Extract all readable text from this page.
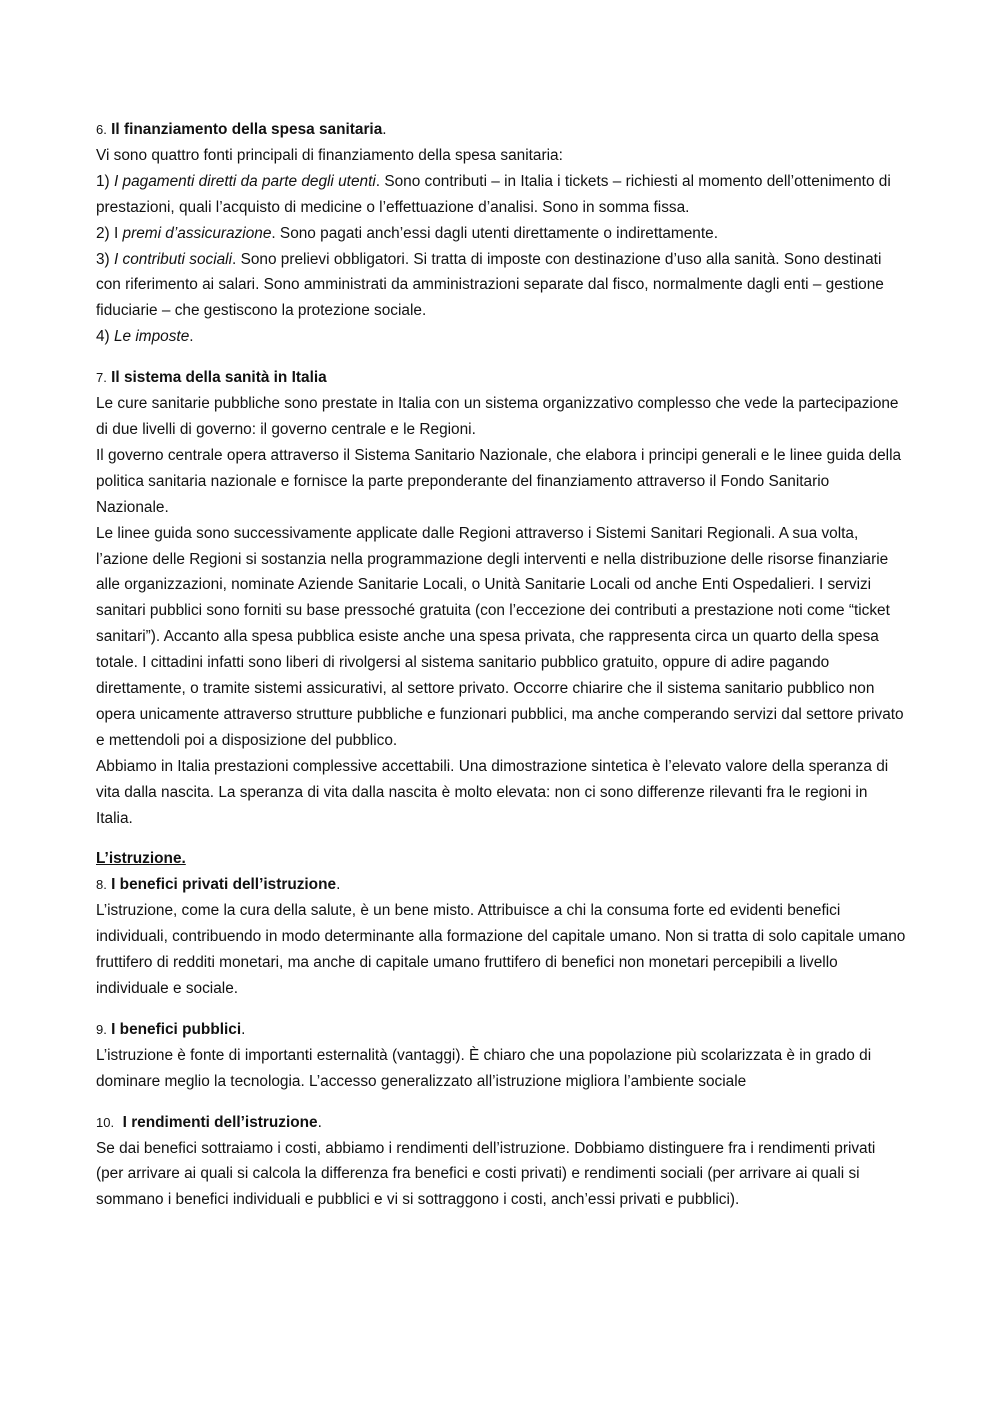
6. Il finanziamento della spesa sanitaria.

Vi sono quattro fonti principali di finanziamento della spesa sanitaria:

1) I pagamenti diretti da parte degli utenti. Sono contributi – in Italia i tickets – richiesti al momento dell’ottenimento di prestazioni, quali l’acquisto di medicine o l’effettuazione d’analisi. Sono in somma fissa.

2) I premi d’assicurazione. Sono pagati anch’essi dagli utenti direttamente o indirettamente.

3) I contributi sociali. Sono prelievi obbligatori. Si tratta di imposte con destinazione d’uso alla sanità. Sono destinati con riferimento ai salari. Sono amministrati da amministrazioni separate dal fisco, normalmente dagli enti – gestione fiduciarie – che gestiscono la protezione sociale.

4) Le imposte.

7. Il sistema della sanità in Italia

Le cure sanitarie pubbliche sono prestate in Italia con un sistema organizzativo complesso che vede la partecipazione di due livelli di governo: il governo centrale e le Regioni.

Il governo centrale opera attraverso il Sistema Sanitario Nazionale, che elabora i principi generali e le linee guida della politica sanitaria nazionale e fornisce la parte preponderante del finanziamento attraverso il Fondo Sanitario Nazionale.

Le linee guida sono successivamente applicate dalle Regioni attraverso i Sistemi Sanitari Regionali. A sua volta, l’azione delle Regioni si sostanzia nella programmazione degli interventi e nella distribuzione delle risorse finanziarie alle organizzazioni, nominate Aziende Sanitarie Locali, o Unità Sanitarie Locali od anche Enti Ospedalieri. I servizi sanitari pubblici sono forniti su base pressoché gratuita (con l’eccezione dei contributi a prestazione noti come “ticket sanitari”). Accanto alla spesa pubblica esiste anche una spesa privata, che rappresenta circa un quarto della spesa totale. I cittadini infatti sono liberi di rivolgersi al sistema sanitario pubblico gratuito, oppure di adire pagando direttamente, o tramite sistemi assicurativi, al settore privato. Occorre chiarire che il sistema sanitario pubblico non opera unicamente attraverso strutture pubbliche e funzionari pubblici, ma anche comperando servizi dal settore privato e mettendoli poi a disposizione del pubblico.

Abbiamo in Italia prestazioni complessive accettabili. Una dimostrazione sintetica è l’elevato valore della speranza di vita dalla nascita. La speranza di vita dalla nascita è molto elevata: non ci sono differenze rilevanti fra le regioni in Italia.

L’istruzione.

8. I benefici privati dell’istruzione.

L’istruzione, come la cura della salute, è un bene misto. Attribuisce a chi la consuma forte ed evidenti benefici individuali, contribuendo in modo determinante alla formazione del capitale umano. Non si tratta di solo capitale umano fruttifero di redditi monetari, ma anche di capitale umano fruttifero di benefici non monetari percepibili a livello individuale e sociale.

9. I benefici pubblici.

L’istruzione è fonte di importanti esternalità (vantaggi). È chiaro che una popolazione più scolarizzata è in grado di dominare meglio la tecnologia. L’accesso generalizzato all’istruzione migliora l’ambiente sociale

10. I rendimenti dell’istruzione.

Se dai benefici sottraiamo i costi, abbiamo i rendimenti dell’istruzione. Dobbiamo distinguere fra i rendimenti privati (per arrivare ai quali si calcola la differenza fra benefici e costi privati) e rendimenti sociali (per arrivare ai quali si sommano i benefici individuali e pubblici e vi si sottraggono i costi, anch’essi privati e pubblici).
